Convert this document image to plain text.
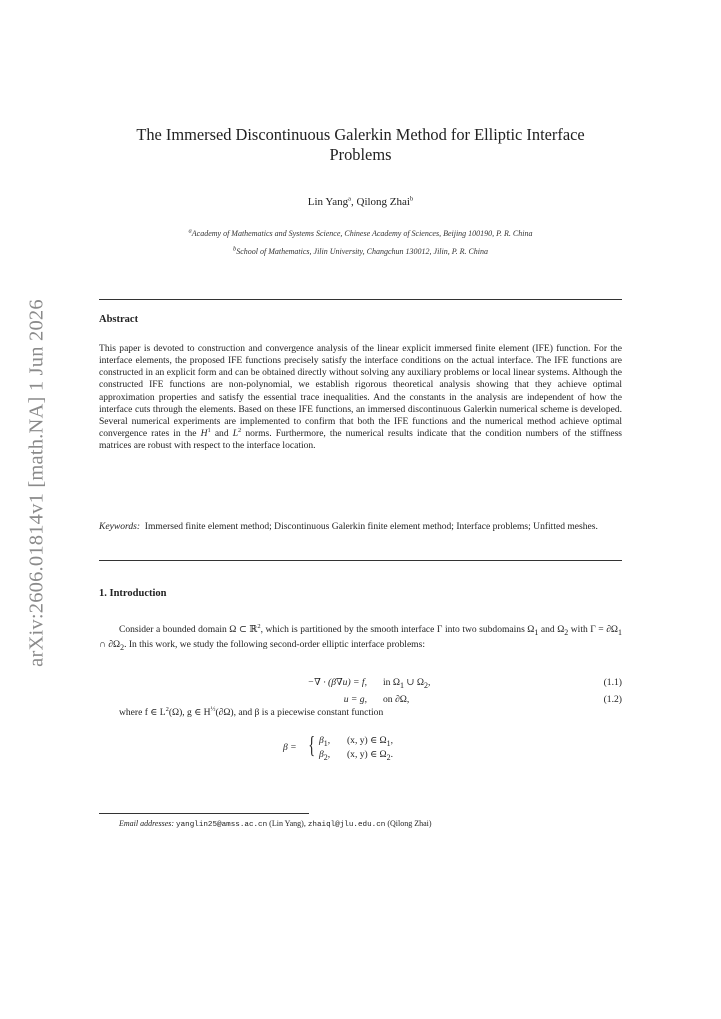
arXiv:2606.01814v1 [math.NA] 1 Jun 2026
The Immersed Discontinuous Galerkin Method for Elliptic Interface
Problems
Lin Yang$^a$, Qilong Zhai$^b$
$^a$Academy of Mathematics and Systems Science, Chinese Academy of Sciences, Beijing 100190, P. R. China
$^b$School of Mathematics, Jilin University, Changchun 130012, Jilin, P. R. China
Abstract
This paper is devoted to construction and convergence analysis of the linear explicit immersed finite element (IFE) function. For the interface elements, the proposed IFE functions precisely satisfy the interface conditions on the actual interface. The IFE functions are constructed in an explicit form and can be obtained directly without solving any auxiliary problems or local linear systems. Although the constructed IFE functions are non-polynomial, we establish rigorous theoretical analysis showing that they achieve optimal approximation properties and satisfy the essential trace inequalities. And the constants in the analysis are independent of how the interface cuts through the elements. Based on these IFE functions, an immersed discontinuous Galerkin numerical scheme is developed. Several numerical experiments are implemented to confirm that both the IFE functions and the numerical method achieve optimal convergence rates in the $H^1$ and $L^2$ norms. Furthermore, the numerical results indicate that the condition numbers of the stiffness matrices are robust with respect to the interface location.
Keywords: Immersed finite element method; Discontinuous Galerkin finite element method; Interface problems; Unfitted meshes.
1. Introduction
Consider a bounded domain Ω ⊂ ℝ$^2$, which is partitioned by the smooth interface Γ into two subdomains $\Omega_1$ and $\Omega_2$ with $\Gamma = \partial\Omega_1$ ∩ $\partial\Omega_2$. In this work, we study the following second-order elliptic interface problems:
−∇ · (β∇u) = f, in $\Omega_1$ ∪ $\Omega_2$,	(1.1)
u = g, on ∂Ω,	(1.2)
where f ∈ $L^2(\Omega)$, g ∈ $H^{\frac{1}{2}}(\partial\Omega)$, and β is a piecewise constant function
β = { $\beta_1$, (x, y) ∈ $\Omega_1$,
$\beta_2$, (x, y) ∈ $\Omega_2$.
Email addresses: yanglin25@amss.ac.cn (Lin Yang), zhaiql@jlu.edu.cn (Qilong Zhai)
